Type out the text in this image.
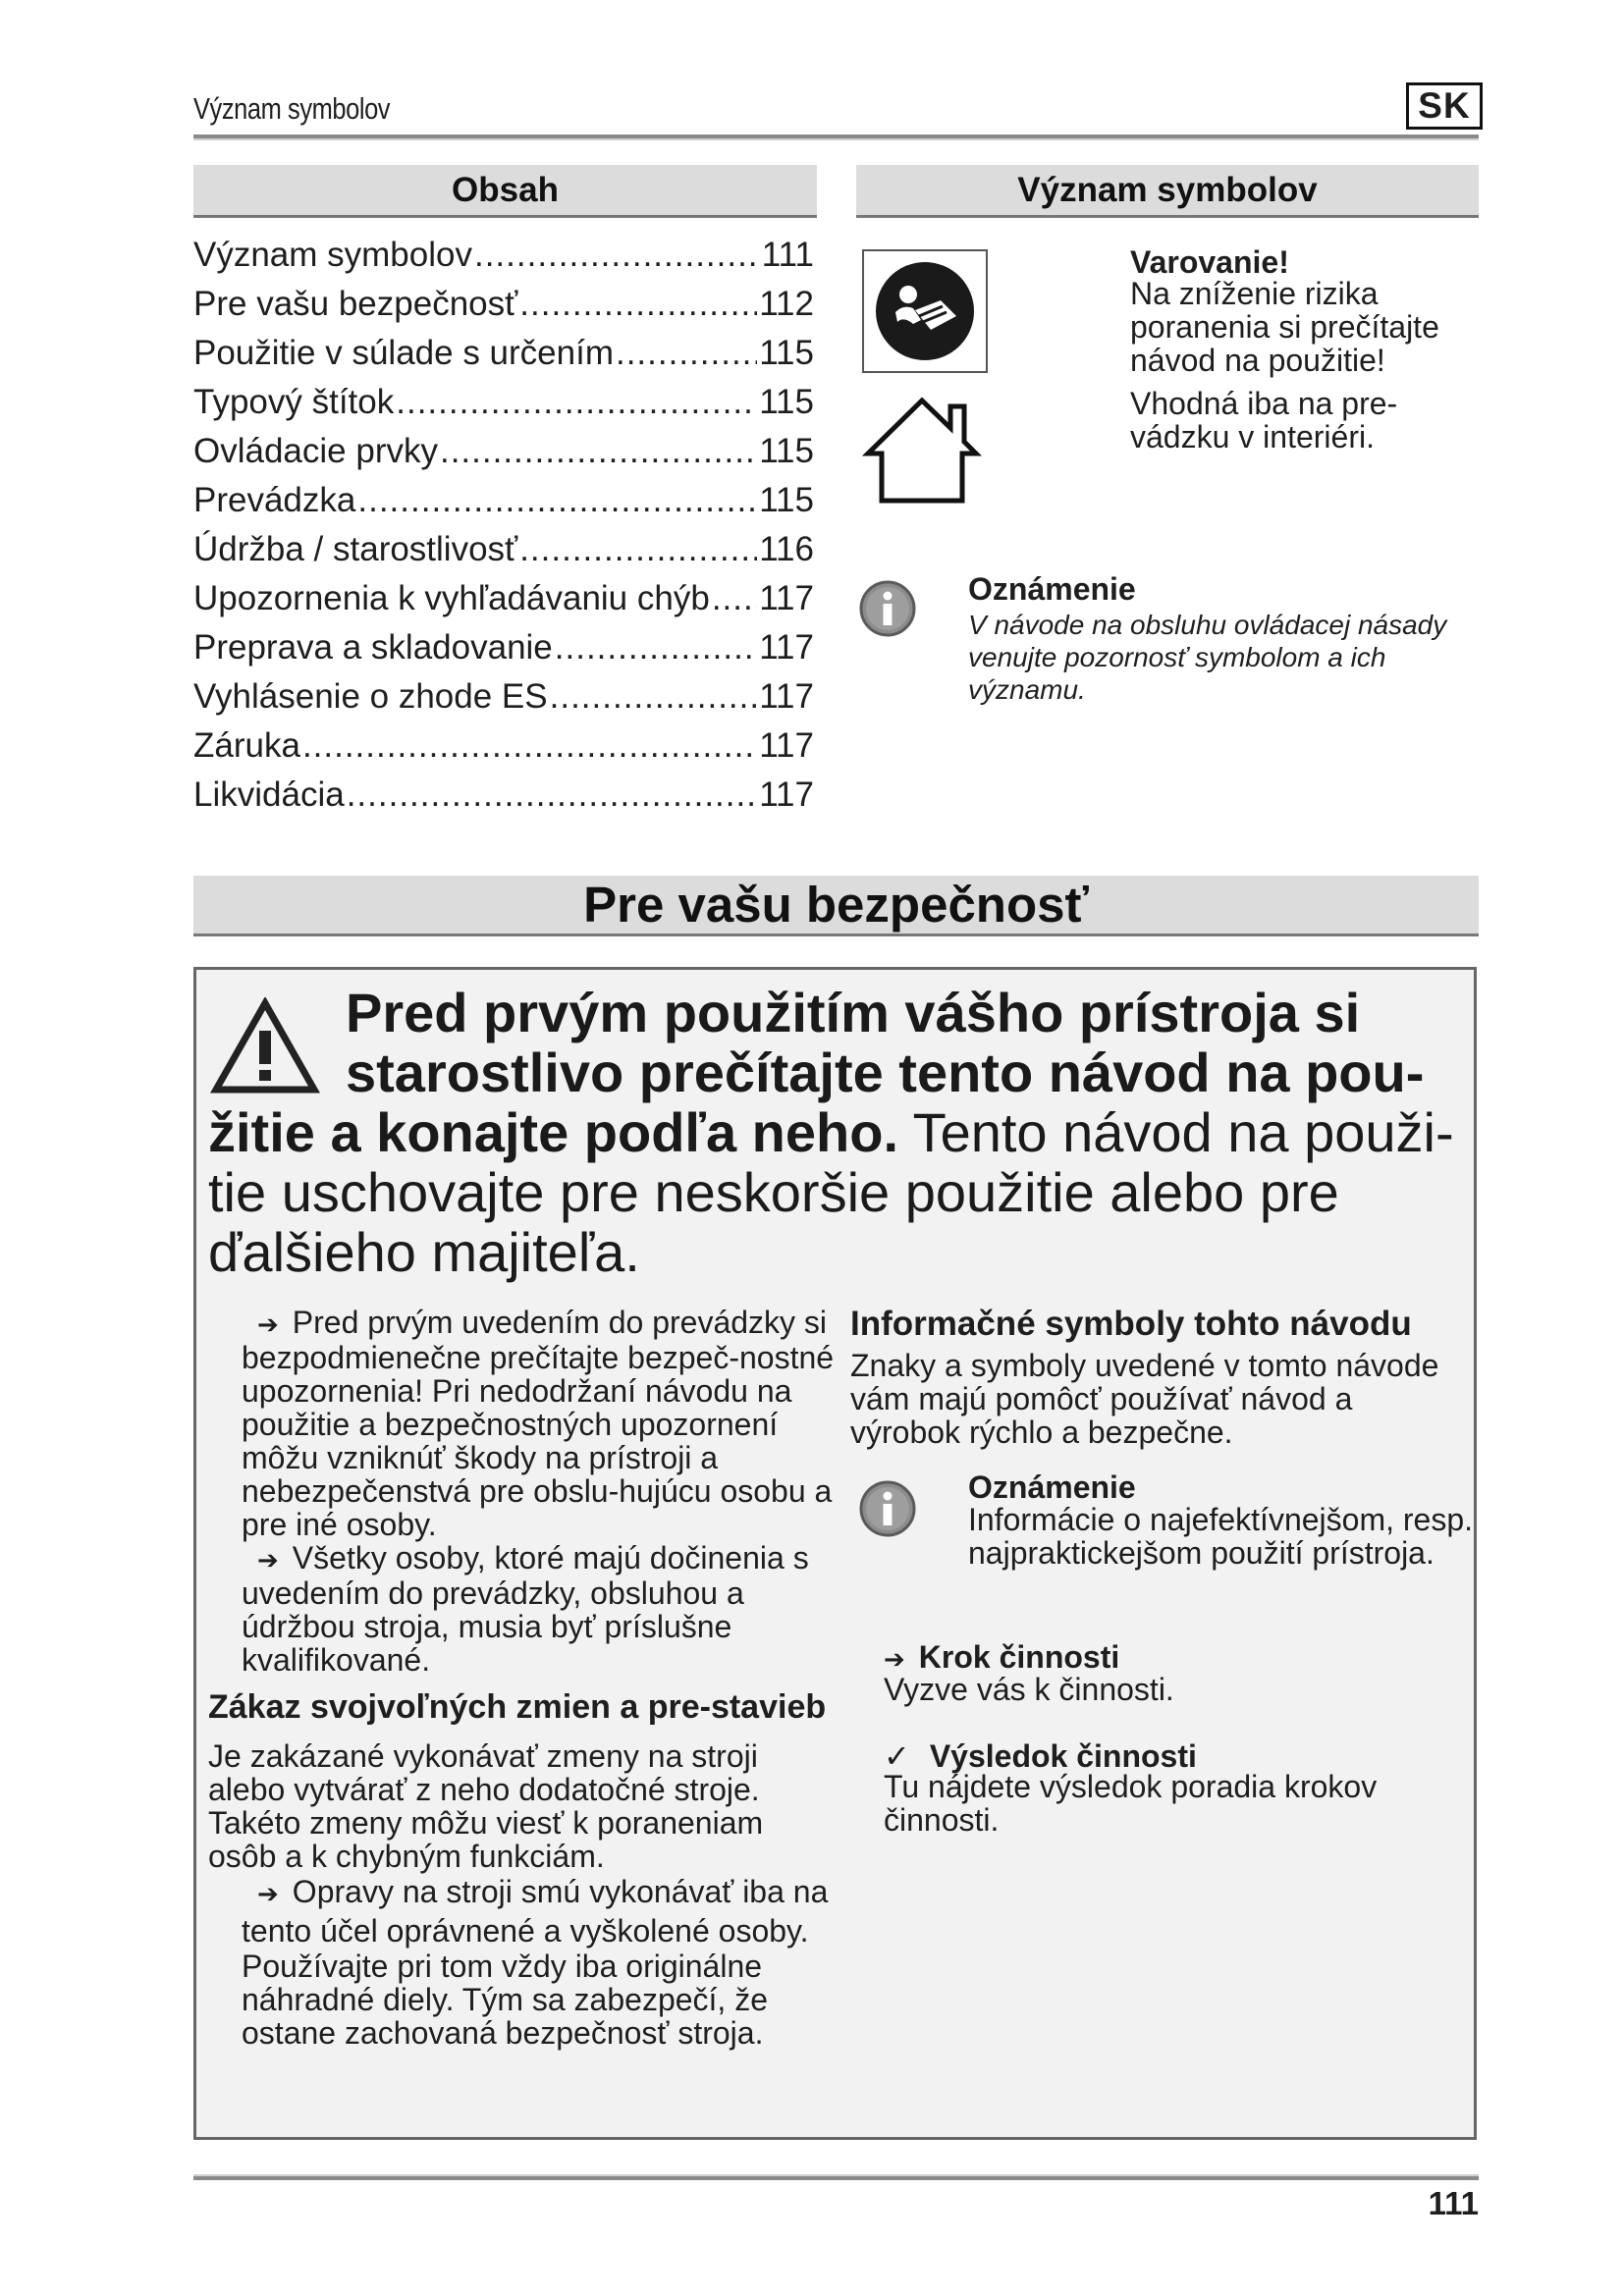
Význam symbolov	SK
Obsah
Význam symbolov .....	111
Pre vašu bezpečnosť .....	112
Použitie v súlade s určením .....	115
Typový štítok .....	115
Ovládacie prvky .....	115
Prevádzka .....	115
Údržba / starostlivosť .....	116
Upozornenia k vyhľadávaniu chýb ..... 117
Preprava a skladovanie .....	117
Vyhlásenie o zhode ES .....	117
Záruka .....	117
Likvidácia .....	117
Význam symbolov
Varovanie!
Na zníženie rizika poranenia si prečítajte návod na použitie!
Vhodná iba na pre-vádzku v interiéri.
Oznámenie
V návode na obsluhu ovládacej násady venujte pozornosť symbolom a ich významu.
Pre vašu bezpečnosť
Pred prvým použitím vášho prístroja si
starostlivo prečítajte tento návod na pou-
žitie a konajte podľa neho. Tento návod na použi-tie uschovajte pre neskoršie použitie alebo pre ďalšieho majiteľa.

➔ Pred prvým uvedením do prevádzky si bezpodmienečne prečítajte bezpeč-nostné upozornenia! Pri nedodržaní návodu na použitie a bezpečnostných upozornení môžu vzniknúť škody na prístroji a nebezpečenstvá pre obslu-hujúcu osobu a pre iné osoby.

➔ Všetky osoby, ktoré majú dočinenia s uvedením do prevádzky, obsluhou a údržbou stroja, musia byť príslušne kvalifikované.

Zákaz svojvoľných zmien a pre-stavieb

Je zakázané vykonávať zmeny na stroji alebo vytvárať z neho dodatočné stroje. Takéto zmeny môžu viesť k poraneniam osôb a k chybným funkciám.

➔ Opravy na stroji smú vykonávať iba na tento účel oprávnené a vyškolené osoby.

Používajte pri tom vždy iba originálne náhradné diely. Tým sa zabezpečí, že ostane zachovaná bezpečnosť stroja.

Informačné symboly tohto návodu

Znaky a symboly uvedené v tomto návode vám majú pomôcť používať návod a výrobok rýchlo a bezpečne.

Oznámenie
Informácie o najefektívnejšom, resp. najpraktickejšom použití prístroja.
➔ Krok činnosti
Vyzve vás k činnosti.
✓ Výsledok činnosti
Tu nájdete výsledok poradia krokov činnosti.
111
